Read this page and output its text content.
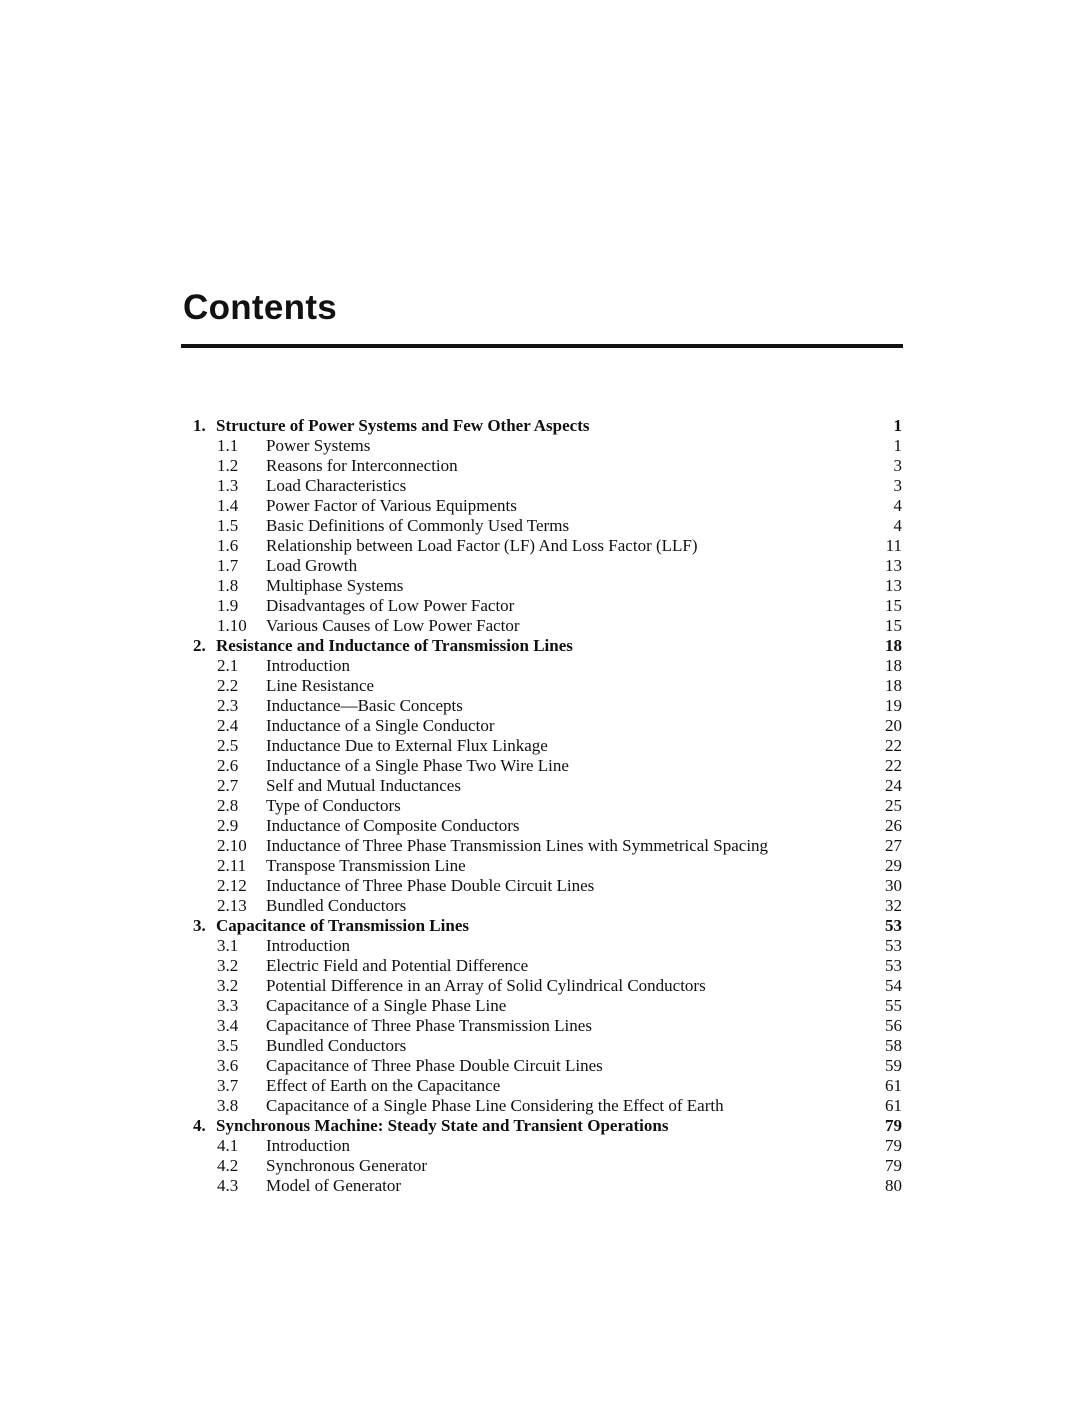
Contents
1. Structure of Power Systems and Few Other Aspects	1
1.1 Power Systems	1
1.2 Reasons for Interconnection	3
1.3 Load Characteristics	3
1.4 Power Factor of Various Equipments	4
1.5 Basic Definitions of Commonly Used Terms	4
1.6 Relationship between Load Factor (LF) And Loss Factor (LLF)	11
1.7 Load Growth	13
1.8 Multiphase Systems	13
1.9 Disadvantages of Low Power Factor	15
1.10 Various Causes of Low Power Factor	15
2. Resistance and Inductance of Transmission Lines	18
2.1 Introduction	18
2.2 Line Resistance	18
2.3 Inductance—Basic Concepts	19
2.4 Inductance of a Single Conductor	20
2.5 Inductance Due to External Flux Linkage	22
2.6 Inductance of a Single Phase Two Wire Line	22
2.7 Self and Mutual Inductances	24
2.8 Type of Conductors	25
2.9 Inductance of Composite Conductors	26
2.10 Inductance of Three Phase Transmission Lines with Symmetrical Spacing	27
2.11 Transpose Transmission Line	29
2.12 Inductance of Three Phase Double Circuit Lines	30
2.13 Bundled Conductors	32
3. Capacitance of Transmission Lines	53
3.1 Introduction	53
3.2 Electric Field and Potential Difference	53
3.2 Potential Difference in an Array of Solid Cylindrical Conductors	54
3.3 Capacitance of a Single Phase Line	55
3.4 Capacitance of Three Phase Transmission Lines	56
3.5 Bundled Conductors	58
3.6 Capacitance of Three Phase Double Circuit Lines	59
3.7 Effect of Earth on the Capacitance	61
3.8 Capacitance of a Single Phase Line Considering the Effect of Earth	61
4. Synchronous Machine: Steady State and Transient Operations	79
4.1 Introduction	79
4.2 Synchronous Generator	79
4.3 Model of Generator	80
